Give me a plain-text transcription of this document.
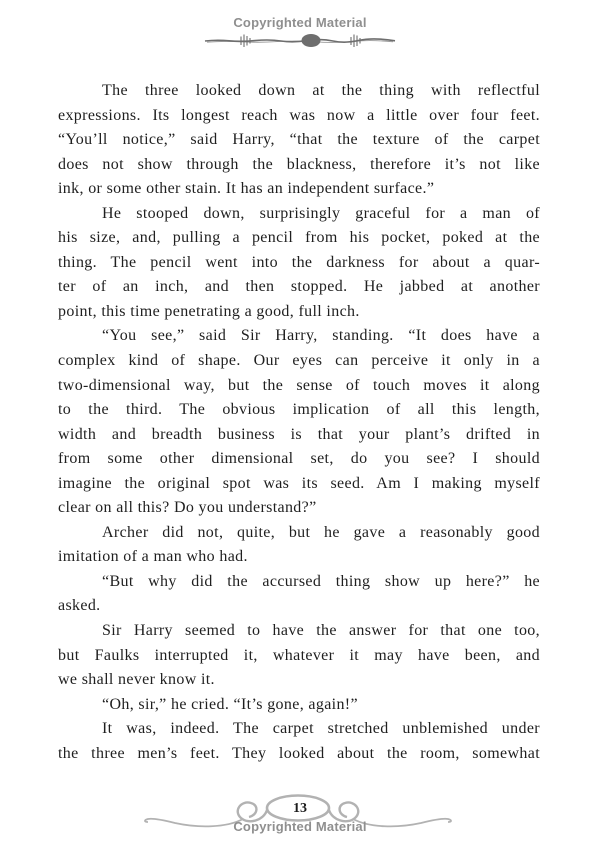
Copyrighted Material
The three looked down at the thing with reflectful
expressions. Its longest reach was now a little over four feet.
“You’ll notice,” said Harry, “that the texture of the carpet
does not show through the blackness, therefore it’s not like
ink, or some other stain. It has an independent surface.”
He stooped down, surprisingly graceful for a man of
his size, and, pulling a pencil from his pocket, poked at the
thing. The pencil went into the darkness for about a quar-
ter of an inch, and then stopped. He jabbed at another
point, this time penetrating a good, full inch.
“You see,” said Sir Harry, standing. “It does have a
complex kind of shape. Our eyes can perceive it only in a
two-dimensional way, but the sense of touch moves it along
to the third. The obvious implication of all this length,
width and breadth business is that your plant’s drifted in
from some other dimensional set, do you see? I should
imagine the original spot was its seed. Am I making myself
clear on all this? Do you understand?”
Archer did not, quite, but he gave a reasonably good
imitation of a man who had.
“But why did the accursed thing show up here?” he
asked.
Sir Harry seemed to have the answer for that one too,
but Faulks interrupted it, whatever it may have been, and
we shall never know it.
“Oh, sir,” he cried. “It’s gone, again!”
It was, indeed. The carpet stretched unblemished under
the three men’s feet. They looked about the room, somewhat
13
Copyrighted Material
